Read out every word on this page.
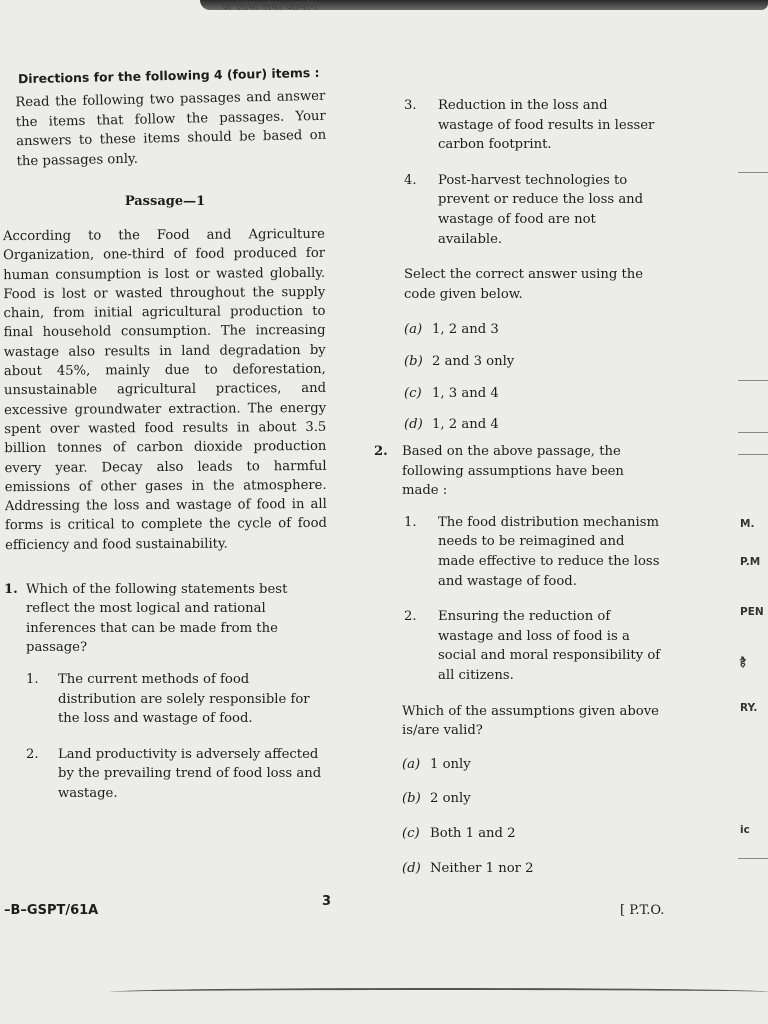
अ लोक सेवा आयोग
Directions for the following 4 (four) items :
Read the following two passages and answer the items that follow the passages. Your answers to these items should be based on the passages only.
Passage—1
According to the Food and Agriculture Organization, one-third of food produced for human consumption is lost or wasted globally. Food is lost or wasted throughout the supply chain, from initial agricultural production to final household consumption. The increasing wastage also results in land degradation by about 45%, mainly due to deforestation, unsustainable agricultural practices, and excessive groundwater extraction. The energy spent over wasted food results in about 3.5 billion tonnes of carbon dioxide production every year. Decay also leads to harmful emissions of other gases in the atmosphere. Addressing the loss and wastage of food in all forms is critical to complete the cycle of food efficiency and food sustainability.
1. Which of the following statements best reflect the most logical and rational inferences that can be made from the passage?
1.	The current methods of food distribution are solely responsible for the loss and wastage of food.
2.	Land productivity is adversely affected by the prevailing trend of food loss and wastage.
3.	Reduction in the loss and wastage of food results in lesser carbon footprint.
4.	Post-harvest technologies to prevent or reduce the loss and wastage of food are not available.
Select the correct answer using the code given below.
(a) 1, 2 and 3
(b) 2 and 3 only
(c) 1, 3 and 4
(d) 1, 2 and 4
2.	Based on the above passage, the following assumptions have been made :
1.	The food distribution mechanism needs to be reimagined and made effective to reduce the loss and wastage of food.
2.	Ensuring the reduction of wastage and loss of food is a social and moral responsibility of all citizens.
Which of the assumptions given above is/are valid?
(a) 1 only
(b) 2 only
(c) Both 1 and 2
(d) Neither 1 nor 2
M.
P.M
PEN
है
RY.
ic
–B–GSPT/61A
3
[ P.T.O.
